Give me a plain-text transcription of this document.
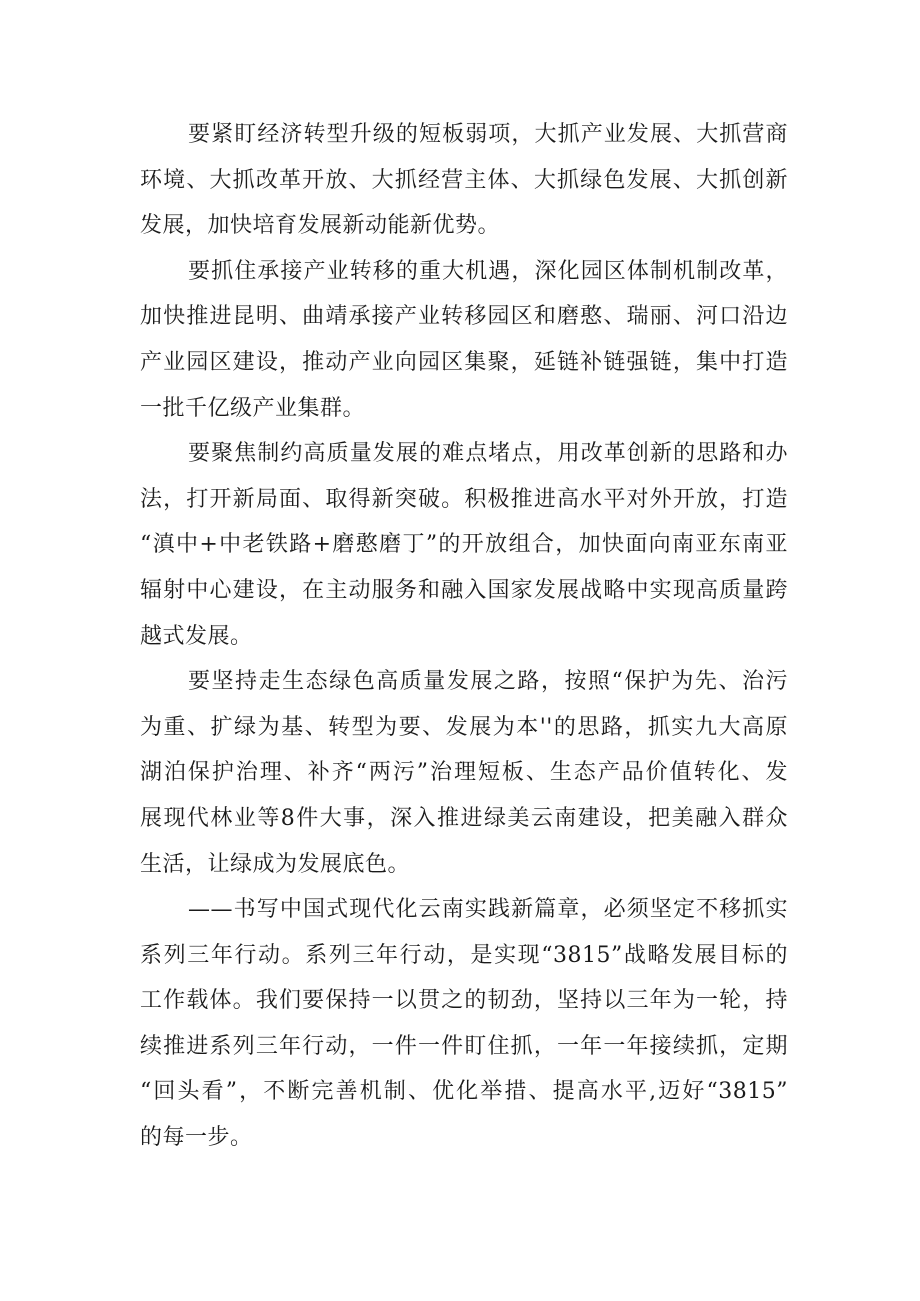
要紧盯经济转型升级的短板弱项，大抓产业发展、大抓营商
环境、大抓改革开放、大抓经营主体、大抓绿色发展、大抓创新
发展，加快培育发展新动能新优势。
要抓住承接产业转移的重大机遇，深化园区体制机制改革，
加快推进昆明、曲靖承接产业转移园区和磨憨、瑞丽、河口沿边
产业园区建设，推动产业向园区集聚，延链补链强链，集中打造
一批千亿级产业集群。
要聚焦制约高质量发展的难点堵点，用改革创新的思路和办
法，打开新局面、取得新突破。积极推进高水平对外开放，打造
“滇中+中老铁路+磨憨磨丁”的开放组合，加快面向南亚东南亚
辐射中心建设，在主动服务和融入国家发展战略中实现高质量跨
越式发展。
要坚持走生态绿色高质量发展之路，按照“保护为先、治污
为重、扩绿为基、转型为要、发展为本''的思路，抓实九大高原
湖泊保护治理、补齐“两污”治理短板、生态产品价值转化、发
展现代林业等8件大事，深入推进绿美云南建设，把美融入群众
生活，让绿成为发展底色。
——书写中国式现代化云南实践新篇章，必须坚定不移抓实
系列三年行动。系列三年行动，是实现“3815”战略发展目标的
工作载体。我们要保持一以贯之的韧劲，坚持以三年为一轮，持
续推进系列三年行动，一件一件盯住抓，一年一年接续抓，定期
“回头看”，不断完善机制、优化举措、提高水平,迈好“3815”
的每一步。
